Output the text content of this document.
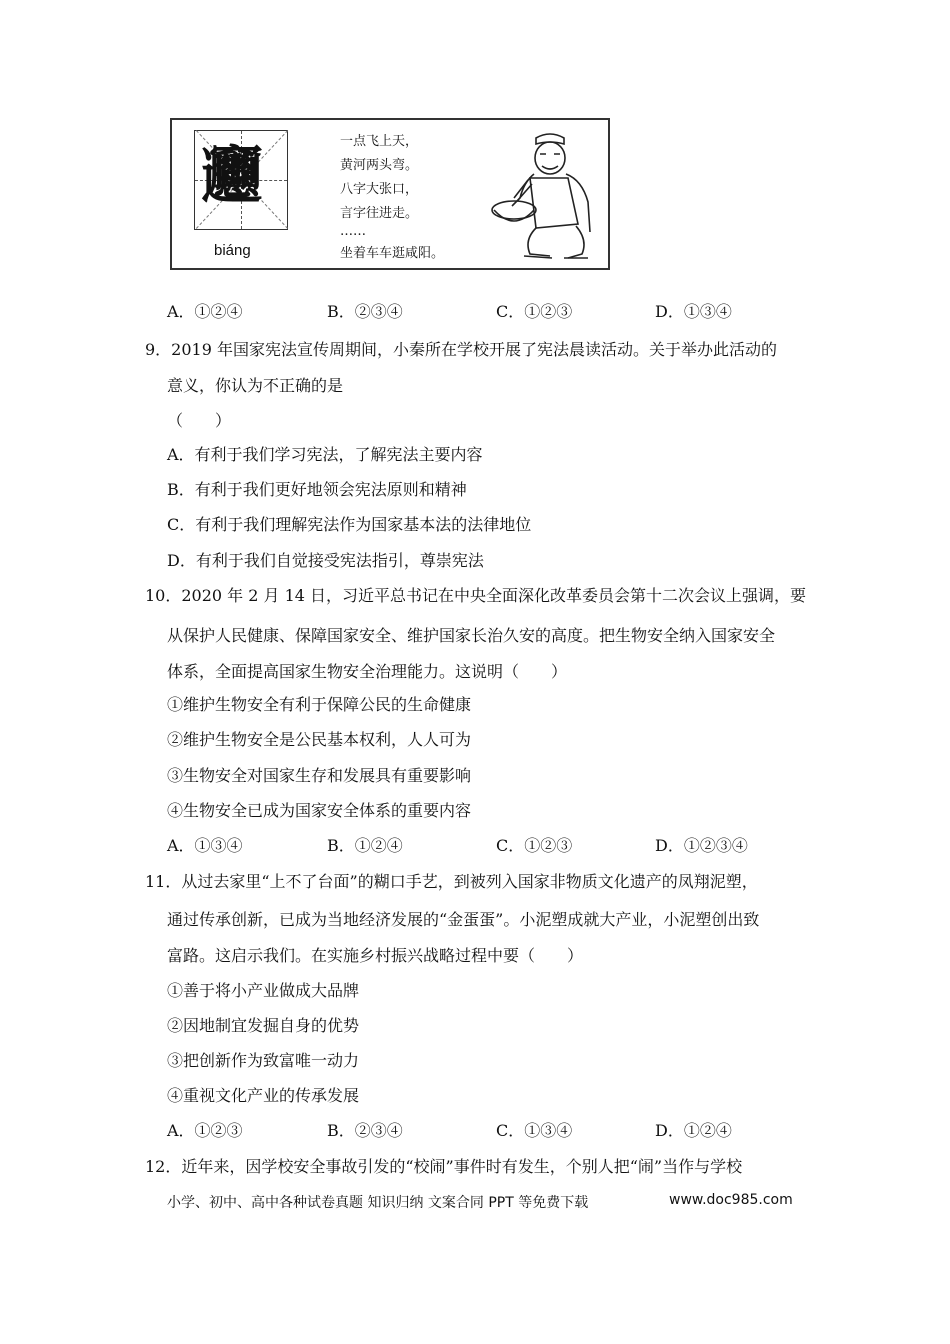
𰻝
biáng
一点飞上天，
黄河两头弯。
八字大张口，
言字往进走。
……
坐着车车逛咸阳。
A．①②④	B．②③④	C．①②③	D．①③④
9．2019 年国家宪法宣传周期间，小秦所在学校开展了宪法晨读活动。关于举办此活动的
意义，你认为不正确的是
（　　）
A．有利于我们学习宪法，了解宪法主要内容
B．有利于我们更好地领会宪法原则和精神
C．有利于我们理解宪法作为国家基本法的法律地位
D．有利于我们自觉接受宪法指引，尊崇宪法
10．2020 年 2 月 14 日，习近平总书记在中央全面深化改革委员会第十二次会议上强调，要
从保护人民健康、保障国家安全、维护国家长治久安的高度。把生物安全纳入国家安全
体系，全面提高国家生物安全治理能力。这说明（　　）
①维护生物安全有利于保障公民的生命健康
②维护生物安全是公民基本权利，人人可为
③生物安全对国家生存和发展具有重要影响
④生物安全已成为国家安全体系的重要内容
A．①③④	B．①②④	C．①②③	D．①②③④
11．从过去家里“上不了台面”的糊口手艺，到被列入国家非物质文化遗产的凤翔泥塑，
通过传承创新，已成为当地经济发展的“金蛋蛋”。小泥塑成就大产业，小泥塑创出致
富路。这启示我们。在实施乡村振兴战略过程中要（　　）
①善于将小产业做成大品牌
②因地制宜发掘自身的优势
③把创新作为致富唯一动力
④重视文化产业的传承发展
A．①②③	B．②③④	C．①③④	D．①②④
12．近年来，因学校安全事故引发的“校闹”事件时有发生，个别人把“闹”当作与学校
小学、初中、高中各种试卷真题 知识归纳 文案合同 PPT 等免费下载	www.doc985.com
